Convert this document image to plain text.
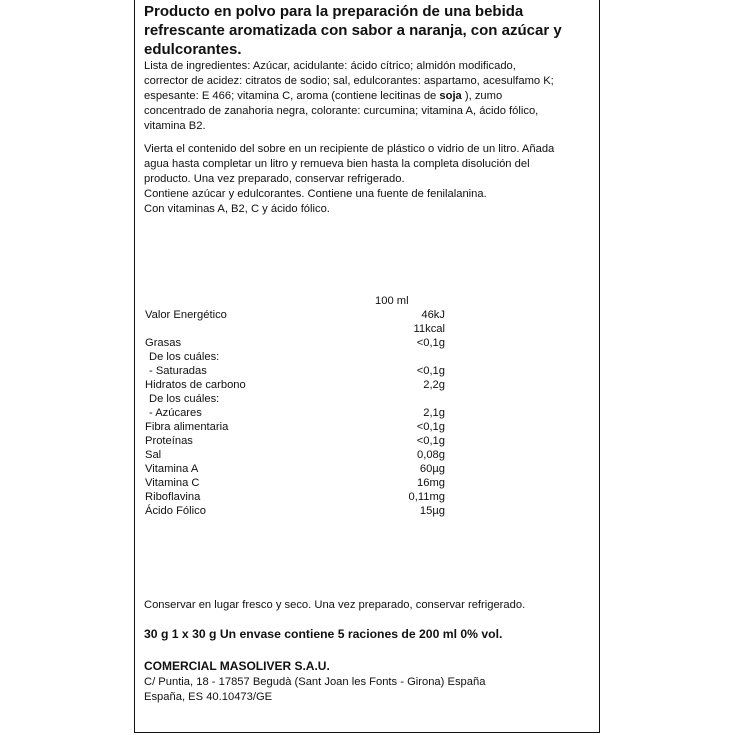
Producto en polvo para la preparación de una bebida
refrescante aromatizada con sabor a naranja, con azúcar y
edulcorantes.
Lista de ingredientes: Azúcar, acidulante: ácido cítrico; almidón modificado,
corrector de acidez: citratos de sodio; sal, edulcorantes: aspartamo, acesulfamo K;
espesante: E 466; vitamina C, aroma (contiene lecitinas de soja ), zumo
concentrado de zanahoria negra, colorante: curcumina; vitamina A, ácido fólico,
vitamina B2.
Vierta el contenido del sobre en un recipiente de plástico o vidrio de un litro. Añada
agua hasta completar un litro y remueva bien hasta la completa disolución del
producto. Una vez preparado, conservar refrigerado.
Contiene azúcar y edulcorantes. Contiene una fuente de fenilalanina.
Con vitaminas A, B2, C y ácido fólico.
100 ml
Valor Energético	46kJ
11kcal
Grasas	<0,1g
De los cuáles:
- Saturadas	<0,1g
Hidratos de carbono	2,2g
De los cuáles:
- Azúcares	2,1g
Fibra alimentaria	<0,1g
Proteínas	<0,1g
Sal	0,08g
Vitamina A	60µg
Vitamina C	16mg
Riboflavina	0,11mg
Ácido Fólico	15µg
Conservar en lugar fresco y seco. Una vez preparado, conservar refrigerado.
30 g 1 x 30 g Un envase contiene 5 raciones de 200 ml 0% vol.
COMERCIAL MASOLIVER S.A.U.
C/ Puntia, 18 - 17857 Begudà (Sant Joan les Fonts - Girona) España
España, ES 40.10473/GE
